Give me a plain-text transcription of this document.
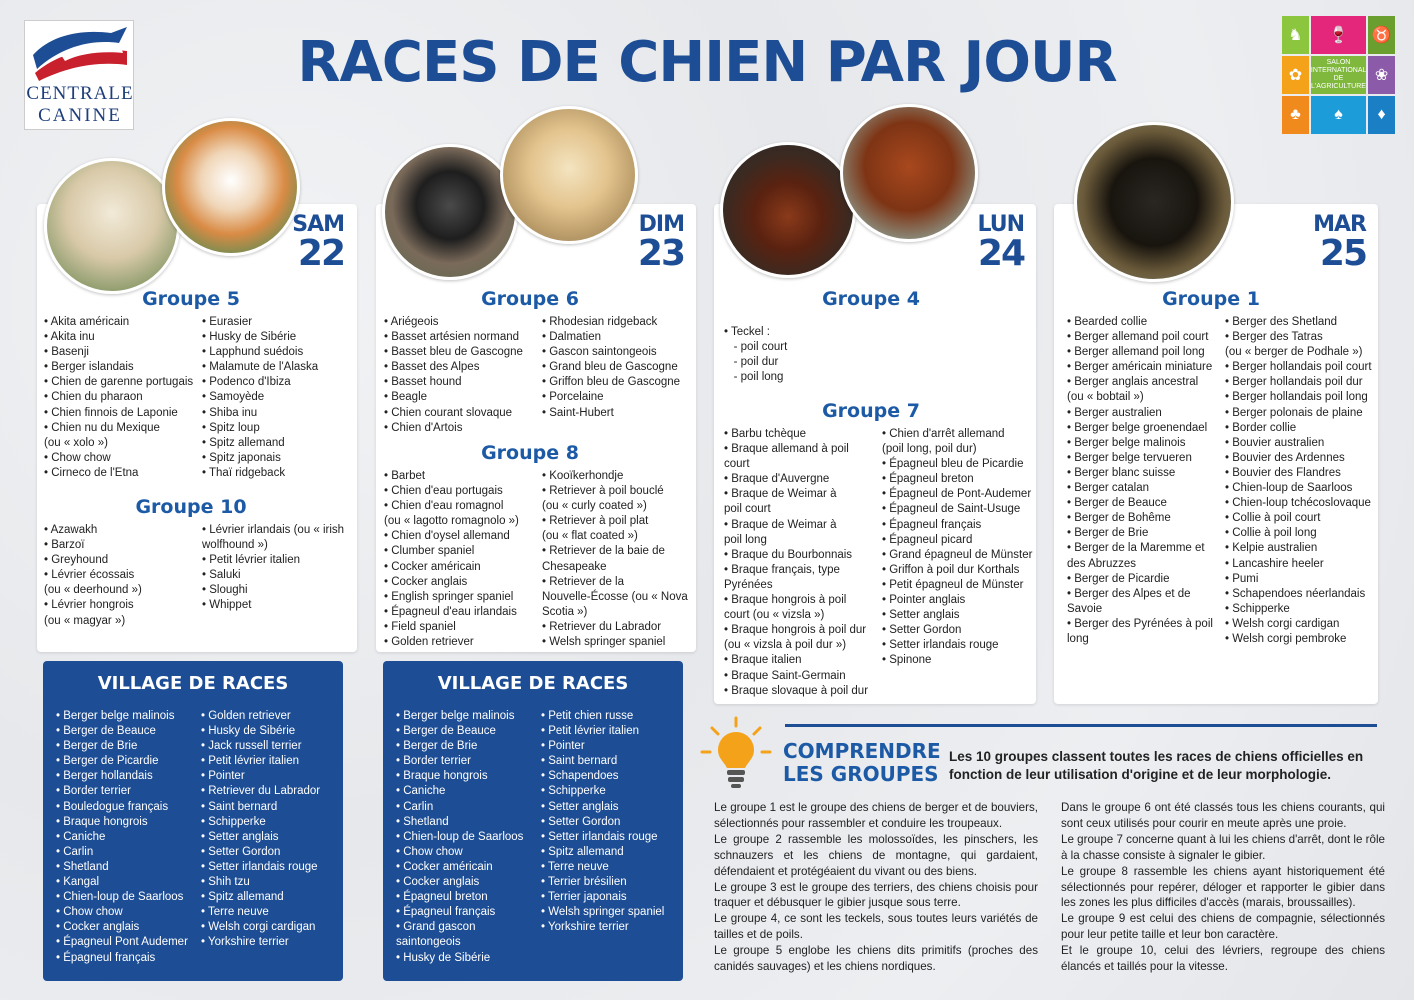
CENTRALE
CANINE
RACES DE CHIEN PAR JOUR	♞	🍷	♉
✿
SALON INTERNATIONAL DE L'AGRICULTURE
❀
♣	♠	♦
SAM
22
Groupe 5
• Akita américain
• Akita inu
• Basenji
• Berger islandais
• Chien de garenne portugais
• Chien du pharaon
• Chien finnois de Laponie
• Chien nu du Mexique
(ou « xolo »)
• Chow chow
• Cirneco de l'Etna
• Eurasier
• Husky de Sibérie
• Lapphund suédois
• Malamute de l'Alaska
• Podenco d'Ibiza
• Samoyède
• Shiba inu
• Spitz loup
• Spitz allemand
• Spitz japonais
• Thaï ridgeback
Groupe 10
• Azawakh
• Barzoï
• Greyhound
• Lévrier écossais
(ou « deerhound »)
• Lévrier hongrois
(ou « magyar »)
• Lévrier irlandais (ou « irish
wolfhound »)
• Petit lévrier italien
• Saluki
• Sloughi
• Whippet
DIM
23
Groupe 6
• Ariégeois
• Basset artésien normand
• Basset bleu de Gascogne
• Basset des Alpes
• Basset hound
• Beagle
• Chien courant slovaque
• Chien d'Artois
• Rhodesian ridgeback
• Dalmatien
• Gascon saintongeois
• Grand bleu de Gascogne
• Griffon bleu de Gascogne
• Porcelaine
• Saint-Hubert
Groupe 8
• Barbet
• Chien d'eau portugais
• Chien d'eau romagnol
(ou « lagotto romagnolo »)
• Chien d'oysel allemand
• Clumber spaniel
• Cocker américain
• Cocker anglais
• English springer spaniel
• Épagneul d'eau irlandais
• Field spaniel
• Golden retriever
• Kooïkerhondje
• Retriever à poil bouclé
(ou « curly coated »)
• Retriever à poil plat
(ou « flat coated »)
• Retriever de la baie de
Chesapeake
• Retriever de la
Nouvelle-Écosse (ou « Nova
Scotia »)
• Retriever du Labrador
• Welsh springer spaniel
LUN
24
Groupe 4
• Teckel :
- poil court
- poil dur
- poil long
Groupe 7
• Barbu tchèque
• Braque allemand à poil
court
• Braque d'Auvergne
• Braque de Weimar à
poil court
• Braque de Weimar à
poil long
• Braque du Bourbonnais
• Braque français, type
Pyrénées
• Braque hongrois à poil
court (ou « vizsla »)
• Braque hongrois à poil dur
(ou « vizsla à poil dur »)
• Braque italien
• Braque Saint-Germain
• Braque slovaque à poil dur
• Chien d'arrêt allemand
(poil long, poil dur)
• Épagneul bleu de Picardie
• Épagneul breton
• Épagneul de Pont-Audemer
• Épagneul de Saint-Usuge
• Épagneul français
• Épagneul picard
• Grand épagneul de Münster
• Griffon à poil dur Korthals
• Petit épagneul de Münster
• Pointer anglais
• Setter anglais
• Setter Gordon
• Setter irlandais rouge
• Spinone
MAR
25
Groupe 1
• Bearded collie
• Berger allemand poil court
• Berger allemand poil long
• Berger américain miniature
• Berger anglais ancestral
(ou « bobtail »)
• Berger australien
• Berger belge groenendael
• Berger belge malinois
• Berger belge tervueren
• Berger blanc suisse
• Berger catalan
• Berger de Beauce
• Berger de Bohême
• Berger de Brie
• Berger de la Maremme et
des Abruzzes
• Berger de Picardie
• Berger des Alpes et de
Savoie
• Berger des Pyrénées à poil
long
• Berger des Shetland
• Berger des Tatras
(ou « berger de Podhale »)
• Berger hollandais poil court
• Berger hollandais poil dur
• Berger hollandais poil long
• Berger polonais de plaine
• Border collie
• Bouvier australien
• Bouvier des Ardennes
• Bouvier des Flandres
• Chien-loup de Saarloos
• Chien-loup tchécoslovaque
• Collie à poil court
• Collie à poil long
• Kelpie australien
• Lancashire heeler
• Pumi
• Schapendoes néerlandais
• Schipperke
• Welsh corgi cardigan
• Welsh corgi pembroke
VILLAGE DE RACES
• Berger belge malinois
• Berger de Beauce
• Berger de Brie
• Berger de Picardie
• Berger hollandais
• Border terrier
• Bouledogue français
• Braque hongrois
• Caniche
• Carlin
• Shetland
• Kangal
• Chien-loup de Saarloos
• Chow chow
• Cocker anglais
• Épagneul Pont Audemer
• Épagneul français
• Golden retriever
• Husky de Sibérie
• Jack russell terrier
• Petit lévrier italien
• Pointer
• Retriever du Labrador
• Saint bernard
• Schipperke
• Setter anglais
• Setter Gordon
• Setter irlandais rouge
• Shih tzu
• Spitz allemand
• Terre neuve
• Welsh corgi cardigan
• Yorkshire terrier
VILLAGE DE RACES
• Berger belge malinois
• Berger de Beauce
• Berger de Brie
• Border terrier
• Braque hongrois
• Caniche
• Carlin
• Shetland
• Chien-loup de Saarloos
• Chow chow
• Cocker américain
• Cocker anglais
• Épagneul breton
• Épagneul français
• Grand gascon
saintongeois
• Husky de Sibérie
• Petit chien russe
• Petit lévrier italien
• Pointer
• Saint bernard
• Schapendoes
• Schipperke
• Setter anglais
• Setter Gordon
• Setter irlandais rouge
• Spitz allemand
• Terre neuve
• Terrier brésilien
• Terrier japonais
• Welsh springer spaniel
• Yorkshire terrier
COMPRENDRE
LES GROUPES
Les 10 groupes classent toutes les races de chiens officielles en
fonction de leur utilisation d'origine et de leur morphologie.

Le groupe 1 est le groupe des chiens de berger et de bouviers, sélectionnés pour rassembler et conduire les troupeaux.

Le groupe 2 rassemble les molossoïdes, les pinschers, les schnauzers et les chiens de montagne, qui gardaient, défendaient et protégéaient du vivant ou des biens.

Le groupe 3 est le groupe des terriers, des chiens choisis pour traquer et débusquer le gibier jusque sous terre.

Le groupe 4, ce sont les teckels, sous toutes leurs variétés de tailles et de poils.

Le groupe 5 englobe les chiens dits primitifs (proches des canidés sauvages) et les chiens nordiques.

Dans le groupe 6 ont été classés tous les chiens courants, qui sont ceux utilisés pour courir en meute après une proie.

Le groupe 7 concerne quant à lui les chiens d'arrêt, dont le rôle à la chasse consiste à signaler le gibier.

Le groupe 8 rassemble les chiens ayant historiquement été sélectionnés pour repérer, déloger et rapporter le gibier dans les zones les plus difficiles d'accès (marais, broussailles).

Le groupe 9 est celui des chiens de compagnie, sélectionnés pour leur petite taille et leur bon caractère.

Et le groupe 10, celui des lévriers, regroupe des chiens élancés et taillés pour la vitesse.
